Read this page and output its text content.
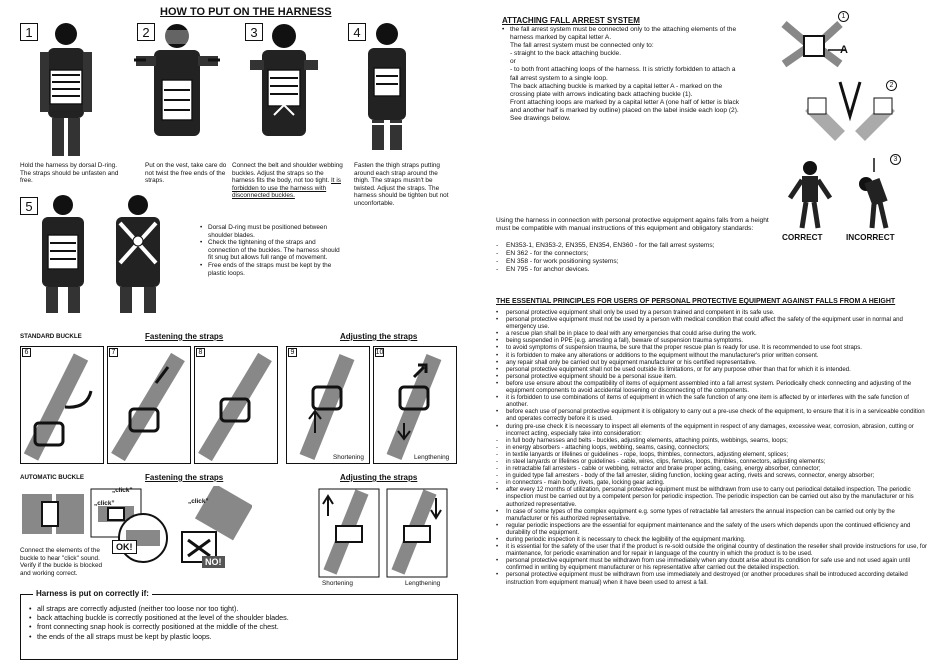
HOW TO PUT ON THE HARNESS
1	2	3	4
5
Hold the harness by dorsal D-ring. The straps should be unfasten and free.
Put on the vest, take care do not twist the free ends of the straps.
Connect the belt and shoulder webbing buckles. Adjust the straps so the harness fits the body, not too tight. It is forbidden to use the harness with disconnected buckles.
Fasten the thigh straps putting around each strap around the thigh. The straps mustn't be twisted. Adjust the straps. The harness should be tighten but not unconfortable.
• Dorsal D-ring must be positioned between shoulder blades.
• Check the tightening of the straps and connection of the buckles. The harness should fit snug but allows full range of movement.
• Free ends of the straps must be kept by the plastic loops.
STANDARD BUCKLE	Fastening the straps	Adjusting the straps
6	7	8	9
Shortening
10
Lengthening
AUTOMATIC BUCKLE	Fastening the straps	Adjusting the straps
„click”
„click”
OK!
Connect the elements of the buckle to hear "click" sound. Verify if the buckle is blocked and working correct.
„click”
NO!
Shortening	Lengthening
Harness is put on correctly if:
• all straps are correctly adjusted (neither too loose nor too tight).
• back attaching buckle is correctly positioned at the level of the shoulder blades.
• front connecting snap hook is correctly positioned at the middle of the chest.
• the ends of the all straps must be kept by plastic loops.
ATTACHING FALL ARREST SYSTEM
• the fall arrest system must be connected only to the attaching elements of the harness marked by capital letter A.
The fall arrest system must be connected only to:
- straight to the back attaching buckle.
or
- to both front attaching loops of the harness. It is strictly forbidden to attach a fall arrest system to a single loop.
The back attaching buckle is marked by a capital letter A - marked on the crossing plate with arrows indicating back attaching buckle (1).
Front attaching loops are marked by a capital letter A (one half of letter is black and another half is marked by outline) placed on the label inside each loop (2). See drawings below.
1
A
2
3
CORRECT	INCORRECT
Using the harness in connection with personal protective equipment agains falls from a height must be compatible with manual instructions of this equipment and obligatory standards:
- EN353-1, EN353-2, EN355, EN354, EN360 - for the fall arrest systems;
- EN 362 - for the connectors;
- EN 358 - for work positioning systems;
- EN 795 - for anchor devices.
THE ESSENTIAL PRINCIPLES FOR USERS OF PERSONAL PROTECTIVE EQUIPMENT AGAINST FALLS FROM A HEIGHT
• personal protective equipment shall only be used by a person trained and competent in its safe use.
• personal protective equipment must not be used by a person with medical condition that could affect the safety of the equipment user in normal and emergency use.
• a rescue plan shall be in place to deal with any emergencies that could arise during the work.
• being suspended in PPE (e.g. arresting a fall), beware of suspension trauma symptoms.
• to avoid symptoms of suspension trauma, be sure that the proper rescue plan is ready for use. It is recommended to use foot straps.
• it is forbidden to make any alterations or additions to the equipment without the manufacturer's prior written consent.
• any repair shall only be carried out by equipment manufacturer or his certified representative.
• personal protective equipment shall not be used outside its limitations, or for any purpose other than that for which it is intended.
• personal protective equipment should be a personal issue item.
• before use ensure about the compatibility of items of equipment assembled into a fall arrest system. Periodically check connecting and adjusting of the equipment components to avoid accidental loosening or disconnecting of the components.
• it is forbidden to use combinations of items of equipment in which the safe function of any one item is affected by or interferes with the safe function of another.
• before each use of personal protective equipment it is obligatory to carry out a pre-use check of the equipment, to ensure that it is in a serviceable condition and operates correctly before it is used.
• during pre-use check it is necessary to inspect all elements of the equipment in respect of any damages, excessive wear, corrosion, abrasion, cutting or incorrect acting, especially take into consideration:
- in full body harnesses and belts - buckles, adjusting elements, attaching points, webbings, seams, loops;
- in energy absorbers - attaching loops, webbing, seams, casing, connectors;
- in textile lanyards or lifelines or guidelines - rope, loops, thimbles, connectors, adjusting element, splices;
- in steel lanyards or lifelines or guidelines - cable, wires, clips, ferrules, loops, thimbles, connectors, adjusting elements;
- in retractable fall arresters - cable or webbing, retractor and brake proper acting, casing, energy absorber, connector;
- in guided type fall arresters - body of the fall arrester, sliding function, locking gear acting, rivets and screws, connector, energy absorber;
- in connectors - main body, rivets, gate, locking gear acting.
• after every 12 months of utilization, personal protective equipment must be withdrawn from use to carry out periodical detailed inspection. The periodic inspection must be carried out by a competent person for periodic inspection. The periodic inspection can be carried out also by the manufacturer or his authorized representative.
• In case of some types of the complex equipment e.g. some types of retractable fall arresters the annual inspection can be carried out only by the manufacturer or his authorized representative.
• regular periodic inspections are the essential for equipment maintenance and the safety of the users which depends upon the continued efficiency and durability of the equipment.
• during periodic inspection it is necessary to check the legibility of the equipment marking.
• it is essential for the safety of the user that if the product is re-sold outside the original country of destination the reseller shall provide instructions for use, for maintenance, for periodic examination and for repair in language of the country in which the product is to be used.
• personal protective equipment must be withdrawn from use immediately when any doubt arise about its condition for safe use and not used again until confirmed in writing by equipment manufacturer or his representative after carried out the detailed inspection.
• personal protective equipment must be withdrawn from use immediately and destroyed (or another procedures shall be introduced according detailed instruction from equipment manual) when it have been used to arrest a fall.
